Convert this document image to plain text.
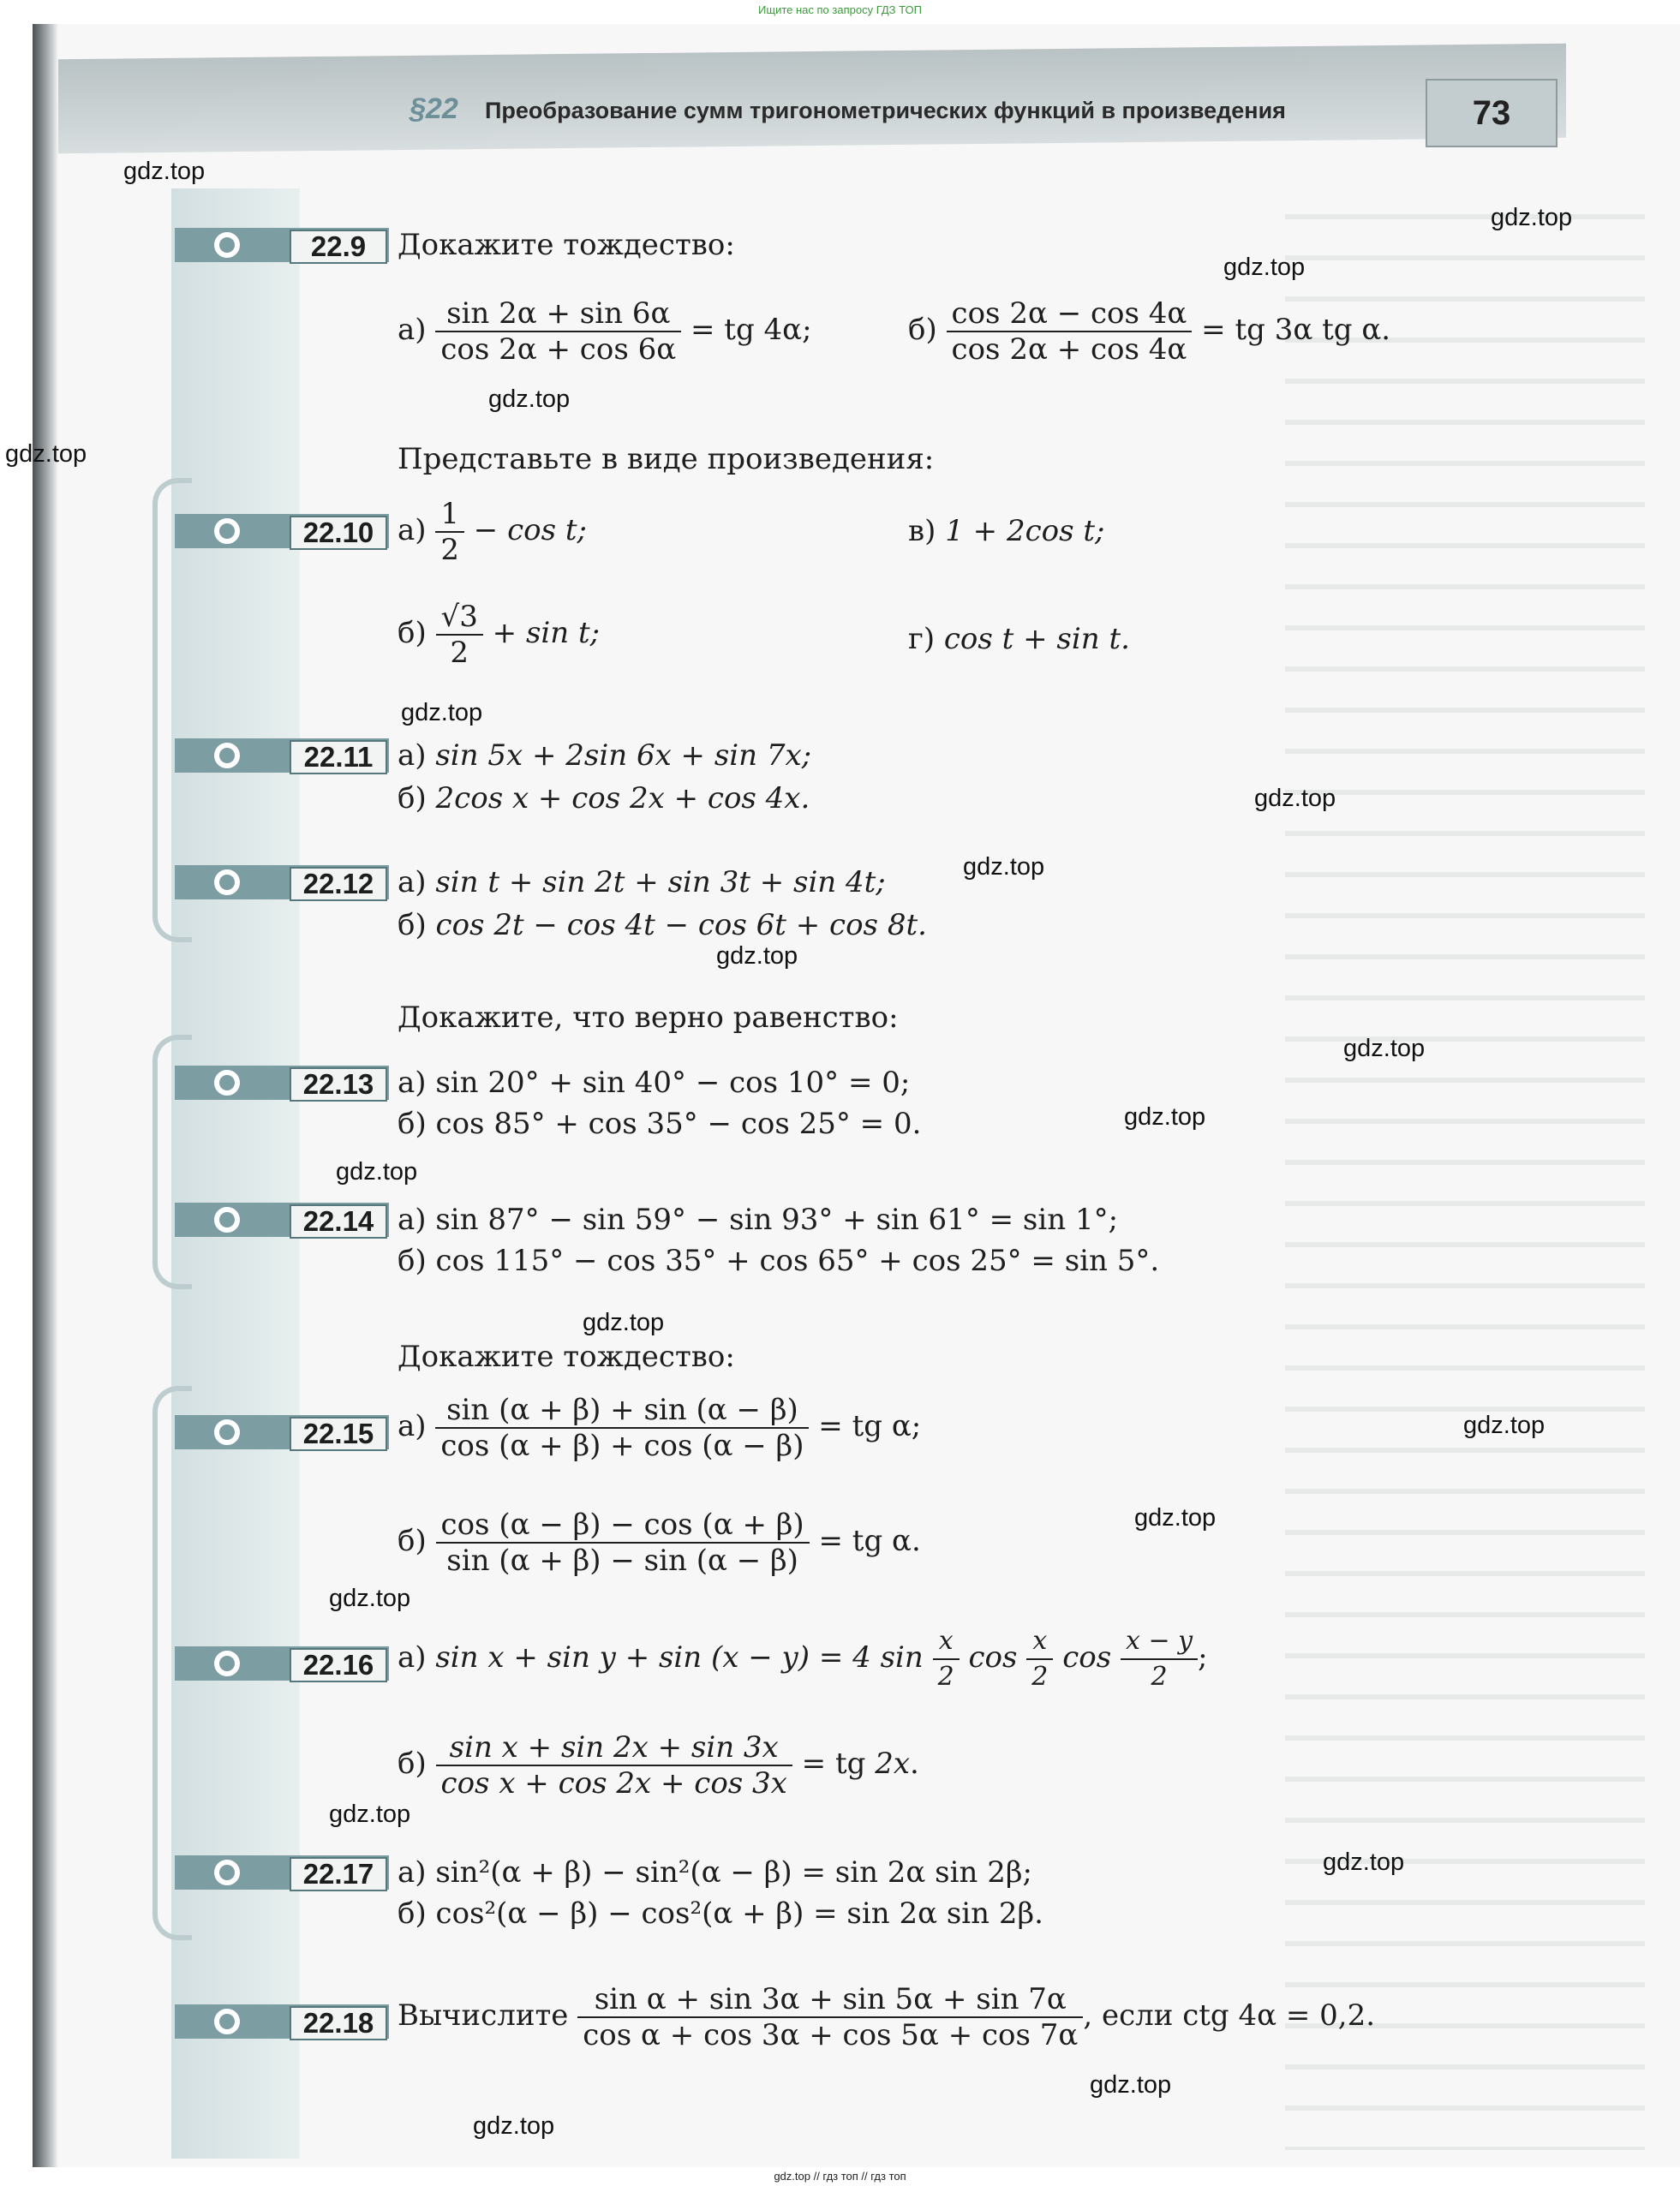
Ищите нас по запросу ГДЗ ТОП
§22 Преобразование сумм тригонометрических функций в произведения	73
22.9	Докажите тождество:
$а) \frac{\sin 2\alpha + \sin 6\alpha}{\cos 2\alpha + \cos 6\alpha}$ = tg 4α;	$б) \frac{\cos 2\alpha - \cos 4\alpha}{\cos 2\alpha + \cos 4\alpha}$ = tg 3α tg α.
Представьте в виде произведения:
22.10 $а) \frac{1}{2} - \cos t$;	в) 1 + 2cos t;
$б) \frac{√3}{2} + \sin t$;	г) cos t + sin t.
22.11 а) sin 5x + 2sin 6x + sin 7x;
б) 2cos x + cos 2x + cos 4x.
22.12 а) sin t + sin 2t + sin 3t + sin 4t;
б) cos 2t − cos 4t − cos 6t + cos 8t.
Докажите, что верно равенство:
22.13 а) sin 20° + sin 40° − cos 10° = 0;
б) cos 85° + cos 35° − cos 25° = 0.
22.14 а) sin 87° − sin 59° − sin 93° + sin 61° = sin 1°;
б) cos 115° − cos 35° + cos 65° + cos 25° = sin 5°.
Докажите тождество:
22.15 $а) \frac{\sin (\alpha + \beta) + \sin (\alpha - \beta)}{\cos (\alpha + \beta) + \cos (\alpha - \beta)}$ = tg α;
$б) \frac{\cos (\alpha - \beta) - \cos (\alpha + \beta)}{\sin (\alpha + \beta) - \sin (\alpha - \beta)}$ = tg α.
22.16 а) sin x + sin y + sin (x − y) = 4 $\sin \frac{x}{2}$ $\cos \frac{x}{2}$ $\cos \frac{x - y}{2}$ ;
$б) \frac{\text{sin x + sin 2x + sin 3x}}{\text{cos x + cos 2x + cos 3x}}$ = tg 2x.
22.17 а) sin²(α + β) − sin²(α − β) = sin 2α sin 2β;
б) cos²(α − β) − cos²(α + β) = sin 2α sin 2β.
22.18 Вычислите $\frac{\text{sin α + sin 3α + sin 5α + sin 7α}}{\text{cos α + cos 3α + cos 5α + cos 7α}}$ , если ctg 4α = 0,2.
gdz.top
gdz.top
gdz.top
gdz.top
gdz.top
gdz.top
gdz.top
gdz.top
gdz.top
gdz.top
gdz.top
gdz.top
gdz.top
gdz.top
gdz.top
gdz.top
gdz.top
gdz.top
gdz.top
gdz.top
gdz.top // гдз топ // гдз топ
